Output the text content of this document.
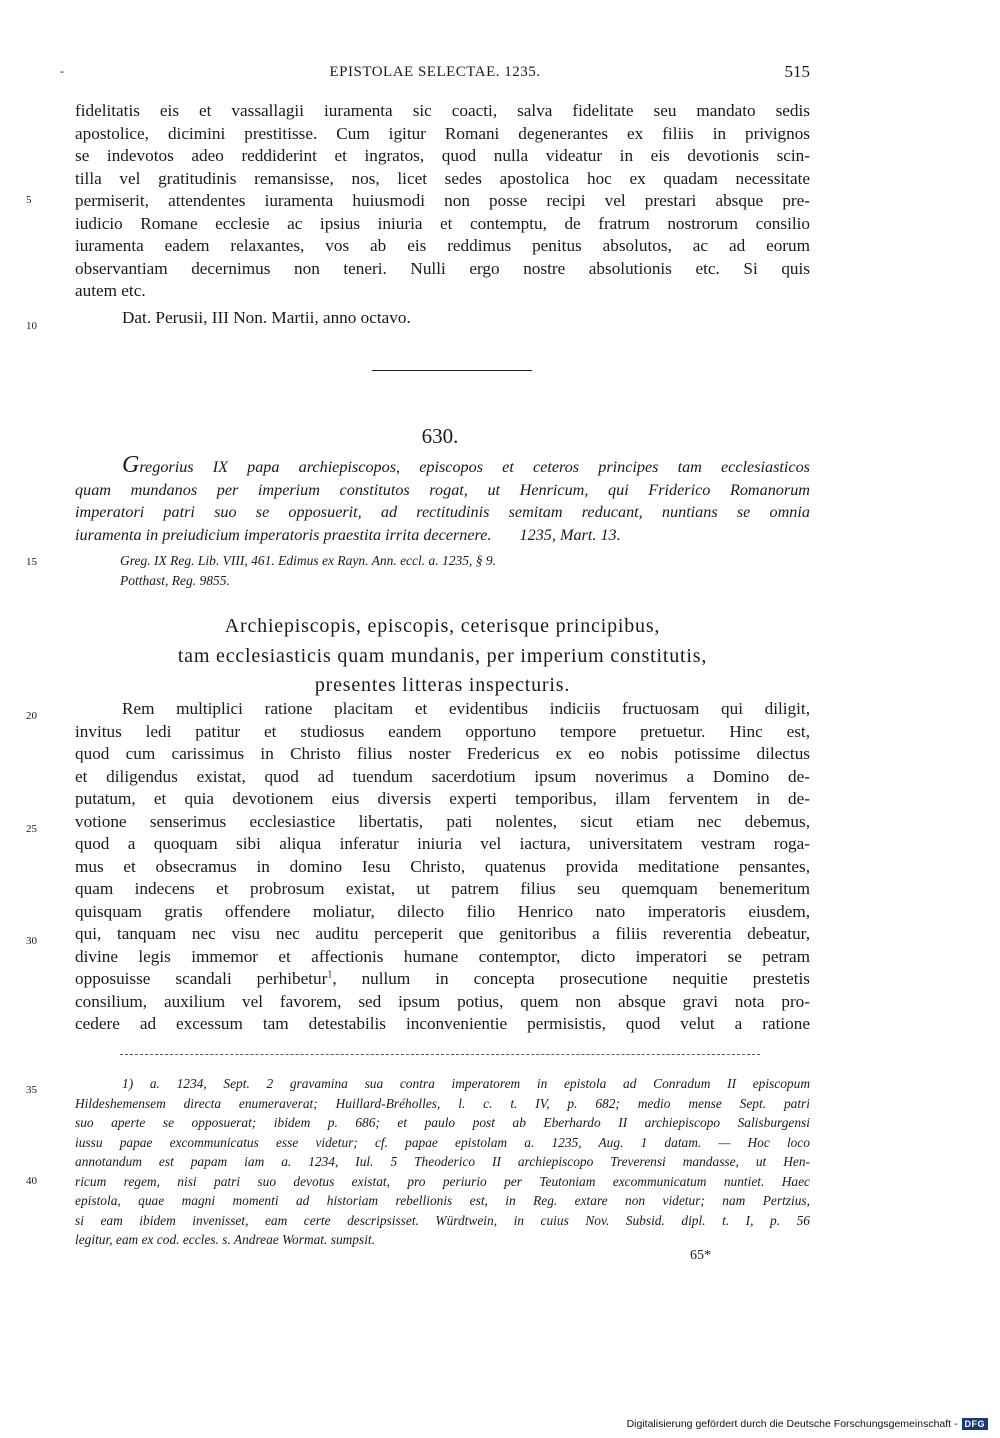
-	EPISTOLAE SELECTAE. 1235.	515
fidelitatis eis et vassallagii iuramenta sic coacti, salva fidelitate seu mandato sedis
apostolice, dicimini prestitisse. Cum igitur Romani degenerantes ex filiis in privignos
se indevotos adeo reddiderint et ingratos, quod nulla videatur in eis devotionis scin-
tilla vel gratitudinis remansisse, nos, licet sedes apostolica hoc ex quadam necessitate
permiserit, attendentes iuramenta huiusmodi non posse recipi vel prestari absque pre-
iudicio Romane ecclesie ac ipsius iniuria et contemptu, de fratrum nostrorum consilio
iuramenta eadem relaxantes, vos ab eis reddimus penitus absolutos, ac ad eorum
observantiam decernimus non teneri. Nulli ergo nostre absolutionis etc. Si quis
autem etc.
Dat. Perusii, III Non. Martii, anno octavo.
5
10
630.
Gregorius IX papa archiepiscopos, episcopos et ceteros principes tam ecclesiasticos
quam mundanos per imperium constitutos rogat, ut Henricum, qui Friderico Romanorum
imperatori patri suo se opposuerit, ad rectitudinis semitam reducant, nuntians se omnia
iuramenta in preiudicium imperatoris praestita irrita decernere. 1235, Mart. 13.
15	Greg. IX Reg. Lib. VIII, 461. Edimus ex Rayn. Ann. eccl. a. 1235, § 9.
Potthast, Reg. 9855.
Archiepiscopis, episcopis, ceterisque principibus,
tam ecclesiasticis quam mundanis, per imperium constitutis,
presentes litteras inspecturis.
Rem multiplici ratione placitam et evidentibus indiciis fructuosam qui diligit,
invitus ledi patitur et studiosus eandem opportuno tempore pretuetur. Hinc est,
quod cum carissimus in Christo filius noster Fredericus ex eo nobis potissime dilectus
et diligendus existat, quod ad tuendum sacerdotium ipsum noverimus a Domino de-
putatum, et quia devotionem eius diversis experti temporibus, illam ferventem in de-
votione senserimus ecclesiastice libertatis, pati nolentes, sicut etiam nec debemus,
quod a quoquam sibi aliqua inferatur iniuria vel iactura, universitatem vestram roga-
mus et obsecramus in domino Iesu Christo, quatenus provida meditatione pensantes,
quam indecens et probrosum existat, ut patrem filius seu quemquam benemeritum
quisquam gratis offendere moliatur, dilecto filio Henrico nato imperatoris eiusdem,
qui, tanquam nec visu nec auditu perceperit que genitoribus a filiis reverentia debeatur,
divine legis immemor et affectionis humane contemptor, dicto imperatori se petram
opposuisse scandali perhibetur$^1$, nullum in concepta prosecutione nequitie prestetis
consilium, auxilium vel favorem, sed ipsum potius, quem non absque gravi nota pro-
cedere ad excessum tam detestabilis inconvenientie permisistis, quod velut a ratione
20
25
30
1) a. 1234, Sept. 2 gravamina sua contra imperatorem in epistola ad Conradum II episcopum
Hildeshemensem directa enumeraverat; Huillard-Bréholles, l. c. t. IV, p. 682; medio mense Sept. patri
suo aperte se opposuerat; ibidem p. 686; et paulo post ab Eberhardo II archiepiscopo Salisburgensi
iussu papae excommunicatus esse videtur; cf. papae epistolam a. 1235, Aug. 1 datam. — Hoc loco
annotandum est papam iam a. 1234, Iul. 5 Theoderico II archiepiscopo Treverensi mandasse, ut Hen-
ricum regem, nisi patri suo devotus existat, pro periurio per Teutoniam excommunicatum nuntiet. Haec
epistola, quae magni momenti ad historiam rebellionis est, in Reg. extare non videtur; nam Pertzius,
si eam ibidem invenisset, eam certe descripsisset. Würdtwein, in cuius Nov. Subsid. dipl. t. I, p. 56
legitur, eam ex cod. eccles. s. Andreae Wormat. sumpsit.
35
40
65*
Digitalisierung gefördert durch die Deutsche Forschungsgemeinschaft - DFG
